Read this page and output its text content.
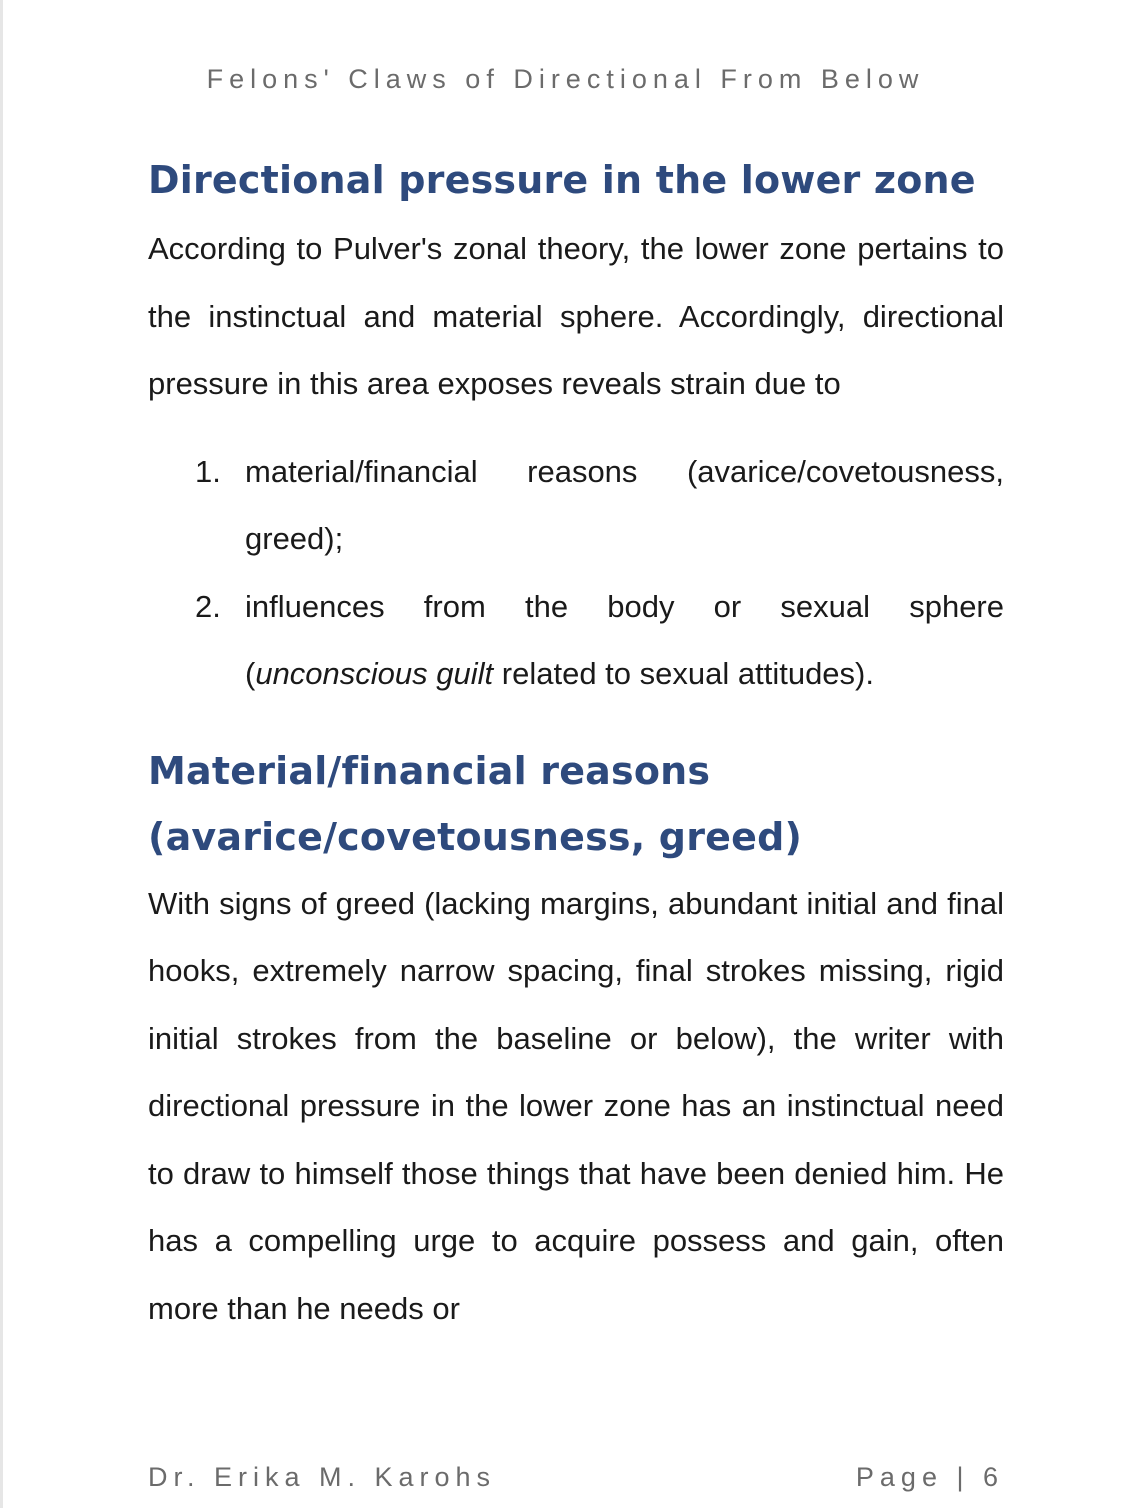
Felons' Claws of Directional From Below
Directional pressure in the lower zone

According to Pulver's zonal theory, the lower zone pertains to the instinctual and material sphere. Accordingly, directional pressure in this area exposes reveals strain due to

1. material/financial reasons (avarice/covetousness, greed);
2. influences from the body or sexual sphere (unconscious guilt related to sexual attitudes).
Material/financial reasons
(avarice/covetousness, greed)

With signs of greed (lacking margins, abundant initial and final hooks, extremely narrow spacing, final strokes missing, rigid initial strokes from the baseline or below), the writer with directional pressure in the lower zone has an instinctual need to draw to himself those things that have been denied him. He has a compelling urge to acquire possess and gain, often more than he needs or

Dr. Erika M. Karohs	Page | 6
